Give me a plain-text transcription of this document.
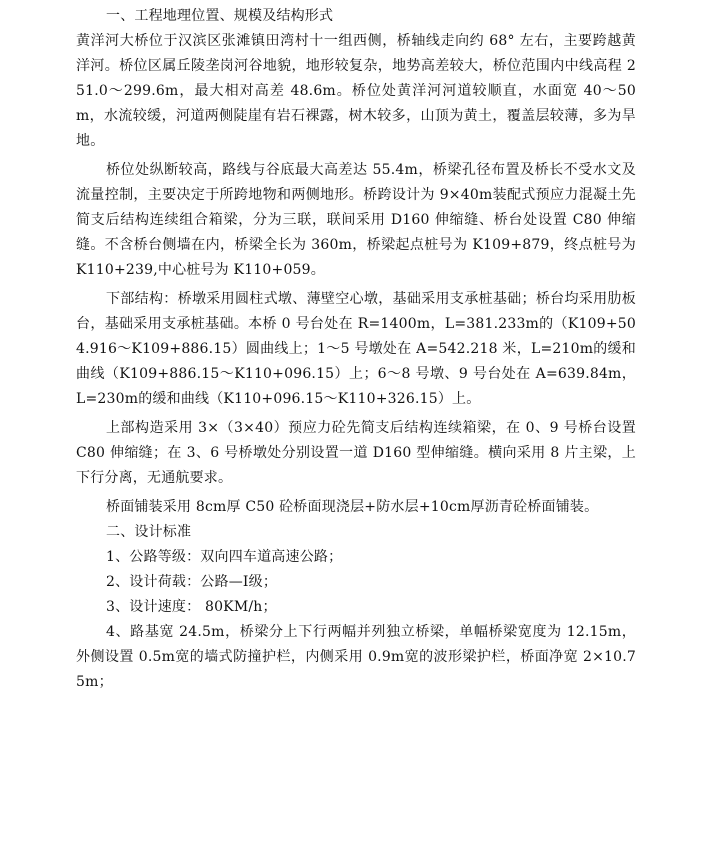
一、工程地理位置、规模及结构形式

黄洋河大桥位于汉滨区张滩镇田湾村十一组西侧，桥轴线走向约 68° 左右，主要跨越黄洋河。桥位区属丘陵垄岗河谷地貌，地形较复杂，地势高差较大，桥位范围内中线高程 251.0～299.6m，最大相对高差 48.6m。桥位处黄洋河河道较顺直，水面宽 40～50m，水流较缓，河道两侧陡崖有岩石裸露，树木较多，山顶为黄土，覆盖层较薄，多为旱地。

桥位处纵断较高，路线与谷底最大高差达 55.4m，桥梁孔径布置及桥长不受水文及流量控制，主要决定于所跨地物和两侧地形。桥跨设计为 9×40m装配式预应力混凝土先简支后结构连续组合箱梁，分为三联，联间采用 D160 伸缩缝、桥台处设置 C80 伸缩缝。不含桥台侧墙在内，桥梁全长为 360m，桥梁起点桩号为 K109+879，终点桩号为 K110+239,中心桩号为 K110+059。

下部结构：桥墩采用圆柱式墩、薄壁空心墩，基础采用支承桩基础；桥台均采用肋板台，基础采用支承桩基础。本桥 0 号台处在 R=1400m，L=381.233m的（K109+504.916～K109+886.15）圆曲线上；1～5 号墩处在 A=542.218 米，L=210m的缓和曲线（K109+886.15～K110+096.15）上；6～8 号墩、9 号台处在 A=639.84m，L=230m的缓和曲线（K110+096.15～K110+326.15）上。

上部构造采用 3×（3×40）预应力砼先简支后结构连续箱梁，在 0、9 号桥台设置 C80 伸缩缝；在 3、6 号桥墩处分别设置一道 D160 型伸缩缝。横向采用 8 片主梁，上下行分离，无通航要求。

桥面铺装采用 8cm厚 C50 砼桥面现浇层+防水层+10cm厚沥青砼桥面铺装。

二、设计标准

1、公路等级：双向四车道高速公路；

2、设计荷载：公路—Ⅰ级；

3、设计速度： 80KM/h；

4、路基宽 24.5m，桥梁分上下行两幅并列独立桥梁，单幅桥梁宽度为 12.15m，外侧设置 0.5m宽的墙式防撞护栏，内侧采用 0.9m宽的波形梁护栏，桥面净宽 2×10.75m；
